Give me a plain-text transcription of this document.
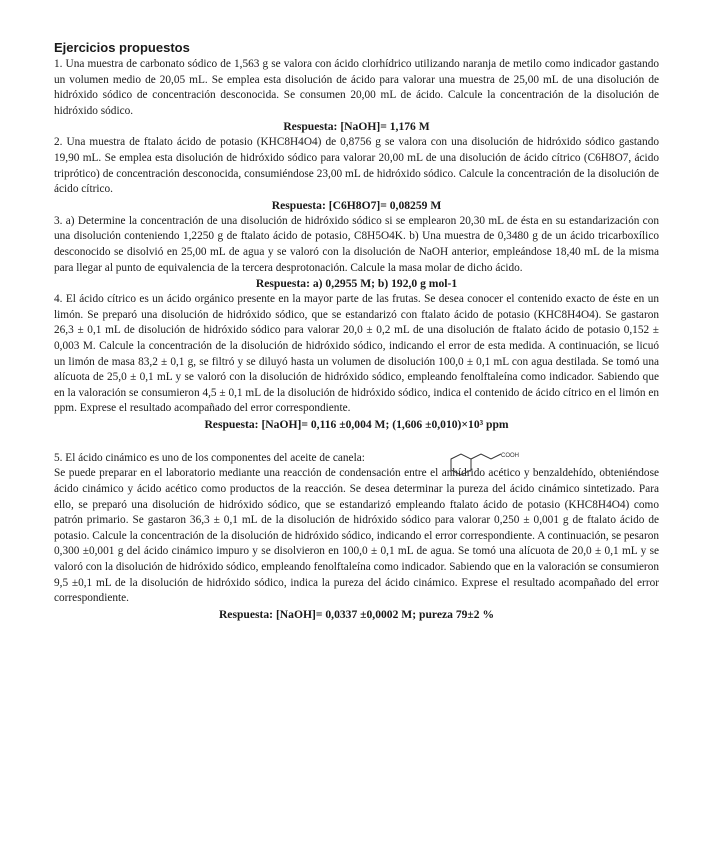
Ejercicios propuestos

1. Una muestra de carbonato sódico de 1,563 g se valora con ácido clorhídrico utilizando naranja de metilo como indicador gastando un volumen medio de 20,05 mL. Se emplea esta disolución de ácido para valorar una muestra de 25,00 mL de una disolución de hidróxido sódico de concentración desconocida. Se consumen 20,00 mL de ácido. Calcule la concentración de la disolución de hidróxido sódico.

Respuesta: [NaOH]= 1,176 M

2. Una muestra de ftalato ácido de potasio (KHC8H4O4) de 0,8756 g se valora con una disolución de hidróxido sódico gastando 19,90 mL. Se emplea esta disolución de hidróxido sódico para valorar 20,00 mL de una disolución de ácido cítrico (C6H8O7, ácido triprótico) de concentración desconocida, consumiéndose 23,00 mL de hidróxido sódico. Calcule la concentración de la disolución de ácido cítrico.

Respuesta: [C6H8O7]= 0,08259 M

3. a) Determine la concentración de una disolución de hidróxido sódico si se emplearon 20,30 mL de ésta en su estandarización con una disolución conteniendo 1,2250 g de ftalato ácido de potasio, C8H5O4K. b) Una muestra de 0,3480 g de un ácido tricarboxílico desconocido se disolvió en 25,00 mL de agua y se valoró con la disolución de NaOH anterior, empleándose 18,40 mL de la misma para llegar al punto de equivalencia de la tercera desprotonación. Calcule la masa molar de dicho ácido.

Respuesta: a) 0,2955 M; b) 192,0 g mol-1

4. El ácido cítrico es un ácido orgánico presente en la mayor parte de las frutas. Se desea conocer el contenido exacto de éste en un limón. Se preparó una disolución de hidróxido sódico, que se estandarizó con ftalato ácido de potasio (KHC8H4O4). Se gastaron 26,3 ± 0,1 mL de disolución de hidróxido sódico para valorar 20,0 ± 0,2 mL de una disolución de ftalato ácido de potasio 0,152 ± 0,003 M. Calcule la concentración de la disolución de hidróxido sódico, indicando el error de esta medida. A continuación, se licuó un limón de masa 83,2 ± 0,1 g, se filtró y se diluyó hasta un volumen de disolución 100,0 ± 0,1 mL con agua destilada. Se tomó una alícuota de 25,0 ± 0,1 mL y se valoró con la disolución de hidróxido sódico, empleando fenolftaleína como indicador. Sabiendo que en la valoración se consumieron 4,5 ± 0,1 mL de la disolución de hidróxido sódico, indica el contenido de ácido cítrico en el limón en ppm. Exprese el resultado acompañado del error correspondiente.

Respuesta: [NaOH]= 0,116 ±0,004 M; (1,606 ±0,010)×10³ ppm

5. El ácido cinámico es uno de los componentes del aceite de canela:	COOH

Se puede preparar en el laboratorio mediante una reacción de condensación entre el anhídrido acético y benzaldehído, obteniéndose ácido cinámico y ácido acético como productos de la reacción. Se desea determinar la pureza del ácido cinámico sintetizado. Para ello, se preparó una disolución de hidróxido sódico, que se estandarizó empleando ftalato ácido de potasio (KHC8H4O4) como patrón primario. Se gastaron 36,3 ± 0,1 mL de la disolución de hidróxido sódico para valorar 0,250 ± 0,001 g de ftalato ácido de potasio. Calcule la concentración de la disolución de hidróxido sódico, indicando el error correspondiente. A continuación, se pesaron 0,300 ±0,001 g del ácido cinámico impuro y se disolvieron en 100,0 ± 0,1 mL de agua. Se tomó una alícuota de 20,0 ± 0,1 mL y se valoró con la disolución de hidróxido sódico, empleando fenolftaleína como indicador. Sabiendo que en la valoración se consumieron 9,5 ±0,1 mL de la disolución de hidróxido sódico, indica la pureza del ácido cinámico. Exprese el resultado acompañado del error correspondiente.

Respuesta: [NaOH]= 0,0337 ±0,0002 M; pureza 79±2 %
